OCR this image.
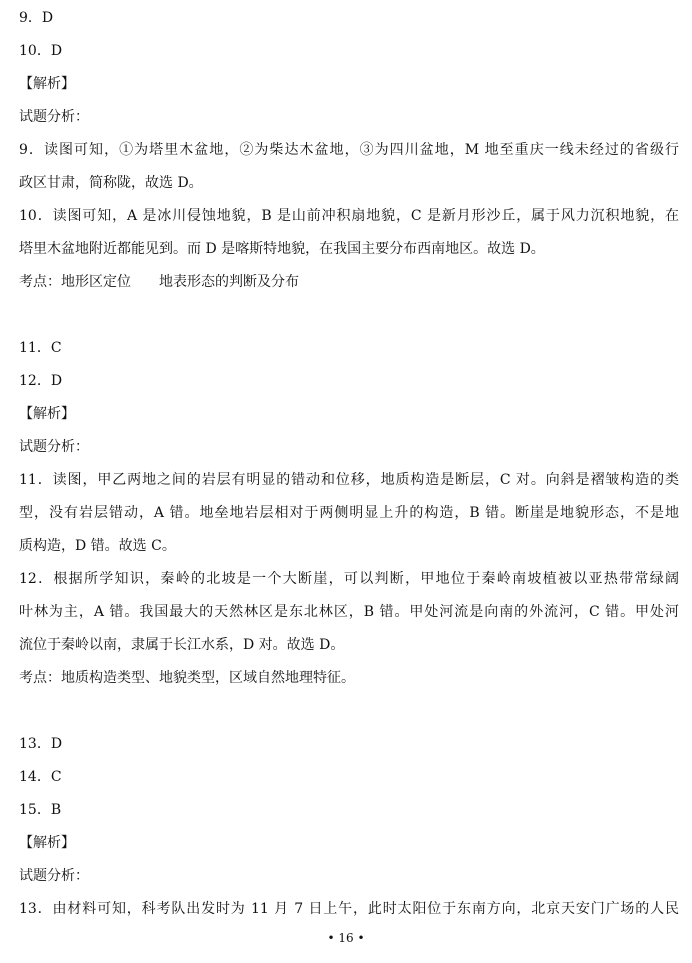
9．D
10．D
【解析】
试题分析：
9．读图可知，①为塔里木盆地，②为柴达木盆地，③为四川盆地，M 地至重庆一线未经过的省级行
政区甘肃，简称陇，故选 D。
10．读图可知，A 是冰川侵蚀地貌，B 是山前冲积扇地貌，C 是新月形沙丘，属于风力沉积地貌，在
塔里木盆地附近都能见到。而 D 是喀斯特地貌，在我国主要分布西南地区。故选 D。
考点：地形区定位　　地表形态的判断及分布
11．C
12．D
【解析】
试题分析：
11．读图，甲乙两地之间的岩层有明显的错动和位移，地质构造是断层，C 对。向斜是褶皱构造的类
型，没有岩层错动，A 错。地垒地岩层相对于两侧明显上升的构造，B 错。断崖是地貌形态，不是地
质构造，D 错。故选 C。
12．根据所学知识，秦岭的北坡是一个大断崖，可以判断，甲地位于秦岭南坡植被以亚热带常绿阔
叶林为主，A 错。我国最大的天然林区是东北林区，B 错。甲处河流是向南的外流河，C 错。甲处河
流位于秦岭以南，隶属于长江水系，D 对。故选 D。
考点：地质构造类型、地貌类型，区域自然地理特征。
13．D
14．C
15．B
【解析】
试题分析：
13．由材料可知，科考队出发时为 11 月 7 日上午，此时太阳位于东南方向，北京天安门广场的人民
• 16 •
